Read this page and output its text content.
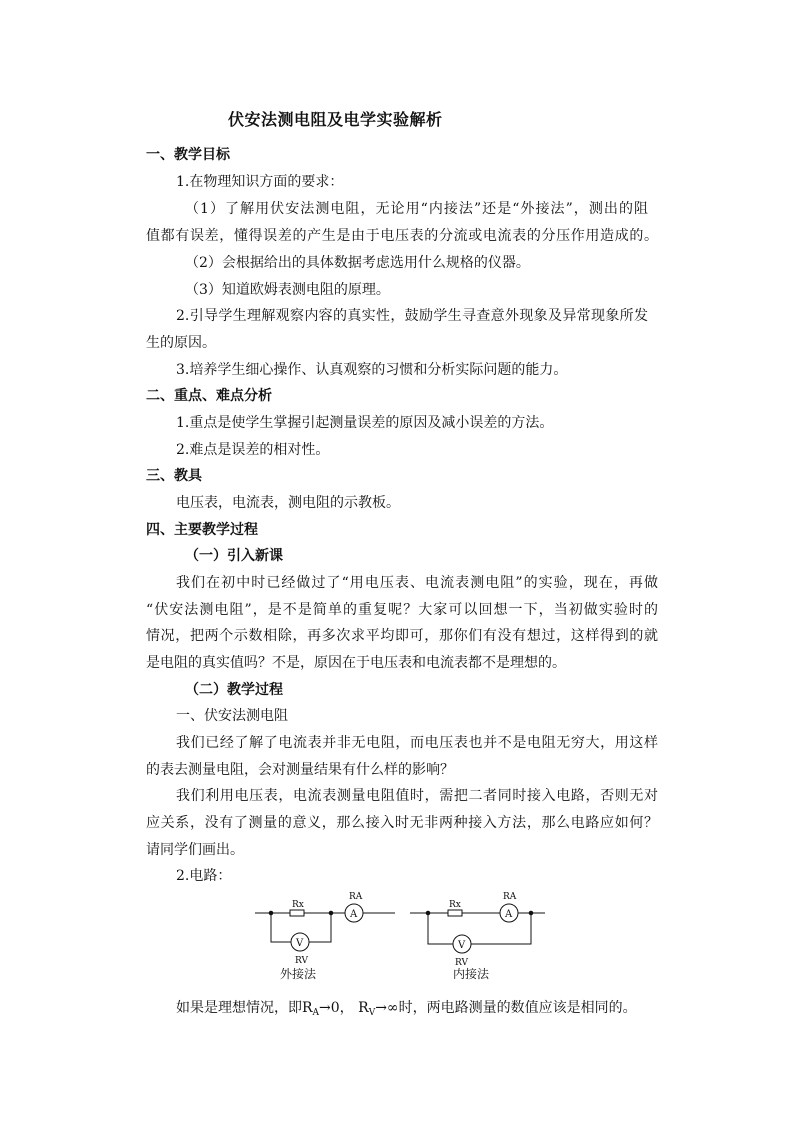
伏安法测电阻及电学实验解析
一、教学目标
1.在物理知识方面的要求：
（1）了解用伏安法测电阻，无论用“内接法”还是“外接法”，测出的阻
值都有误差，懂得误差的产生是由于电压表的分流或电流表的分压作用造成的。
（2）会根据给出的具体数据考虑选用什么规格的仪器。
（3）知道欧姆表测电阻的原理。
2.引导学生理解观察内容的真实性，鼓励学生寻查意外现象及异常现象所发
生的原因。
3.培养学生细心操作、认真观察的习惯和分析实际问题的能力。
二、重点、难点分析
1.重点是使学生掌握引起测量误差的原因及减小误差的方法。
2.难点是误差的相对性。
三、教具
电压表，电流表，测电阻的示教板。
四、主要教学过程
（一）引入新课
我们在初中时已经做过了“用电压表、电流表测电阻”的实验，现在，再做
“伏安法测电阻”，是不是简单的重复呢？大家可以回想一下，当初做实验时的
情况，把两个示数相除，再多次求平均即可，那你们有没有想过，这样得到的就
是电阻的真实值吗？不是，原因在于电压表和电流表都不是理想的。
（二）教学过程
一、伏安法测电阻
我们已经了解了电流表并非无电阻，而电压表也并不是电阻无穷大，用这样
的表去测量电阻，会对测量结果有什么样的影响？
我们利用电压表，电流表测量电阻值时，需把二者同时接入电路，否则无对
应关系，没有了测量的意义，那么接入时无非两种接入方法，那么电路应如何？
请同学们画出。
2.电路：
Rx
RA
A
V
RV
外接法
Rx
RA
A
V
RV
内接法
如果是理想情况，即$R_A\to 0$， $R_V\to\infty$时，两电路测量的数值应该是相同的。
